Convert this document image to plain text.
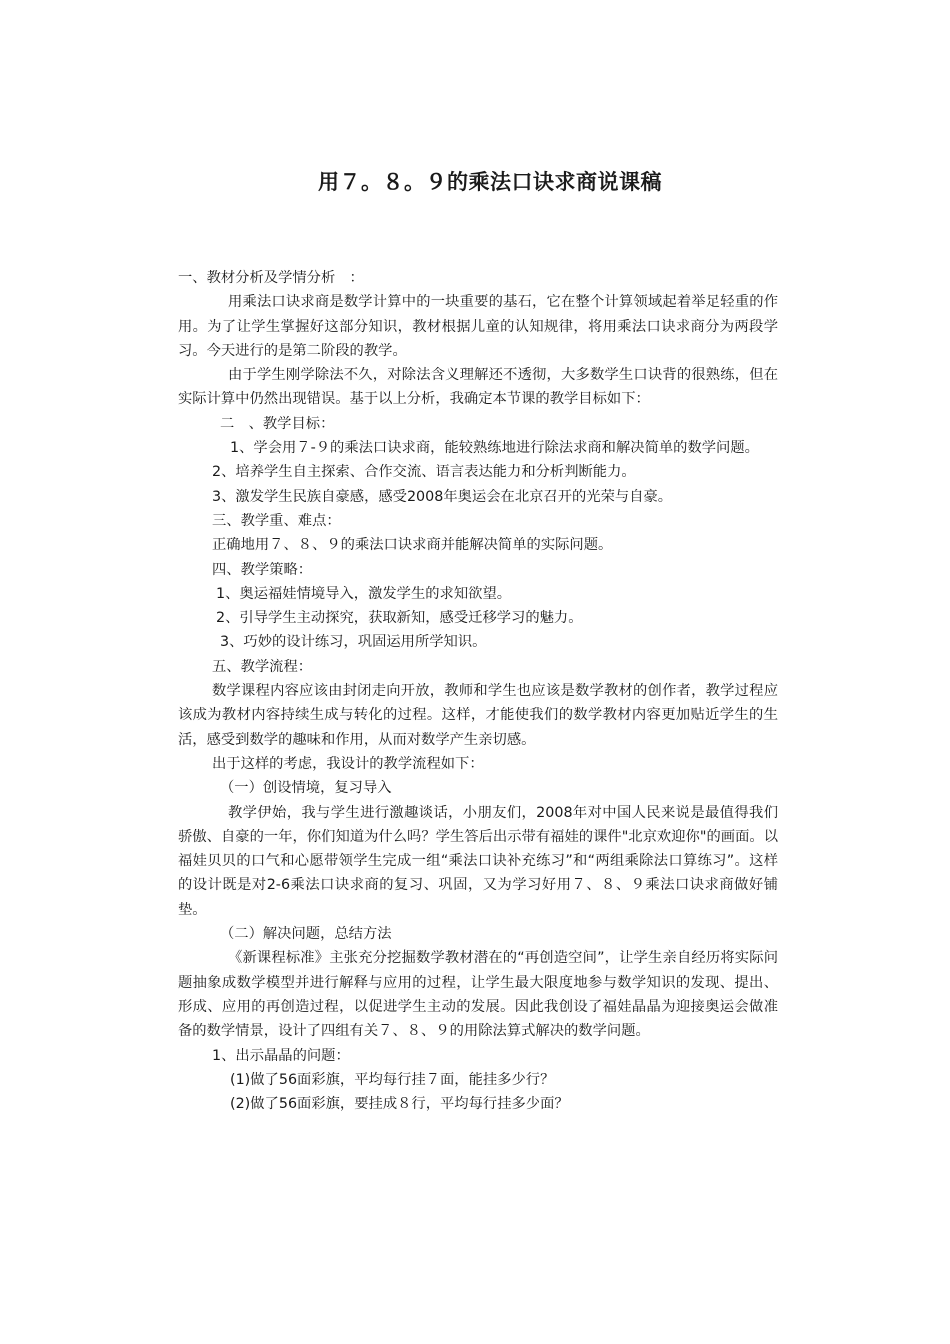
用７。８。９的乘法口诀求商说课稿

一、教材分析及学情分析　：

用乘法口诀求商是数学计算中的一块重要的基石，它在整个计算领域起着举足轻重的作用。为了让学生掌握好这部分知识，教材根据儿童的认知规律，将用乘法口诀求商分为两段学习。今天进行的是第二阶段的教学。

由于学生刚学除法不久，对除法含义理解还不透彻，大多数学生口诀背的很熟练，但在实际计算中仍然出现错误。基于以上分析，我确定本节课的教学目标如下：

二　、教学目标：

1、学会用７-９的乘法口诀求商，能较熟练地进行除法求商和解决简单的数学问题。

2、培养学生自主探索、合作交流、语言表达能力和分析判断能力。

3、激发学生民族自豪感，感受2008年奥运会在北京召开的光荣与自豪。

三、教学重、难点：

正确地用７、８、９的乘法口诀求商并能解决简单的实际问题。

四、教学策略：

1、奥运福娃情境导入，激发学生的求知欲望。

2、引导学生主动探究，获取新知，感受迁移学习的魅力。

3、巧妙的设计练习，巩固运用所学知识。

五、教学流程：

数学课程内容应该由封闭走向开放，教师和学生也应该是数学教材的创作者，教学过程应该成为教材内容持续生成与转化的过程。这样，才能使我们的数学教材内容更加贴近学生的生活，感受到数学的趣味和作用，从而对数学产生亲切感。

出于这样的考虑，我设计的教学流程如下：

（一）创设情境，复习导入

教学伊始，我与学生进行激趣谈话，小朋友们，2008年对中国人民来说是最值得我们骄傲、自豪的一年，你们知道为什么吗？学生答后出示带有福娃的课件"北京欢迎你"的画面。以福娃贝贝的口气和心愿带领学生完成一组“乘法口诀补充练习”和“两组乘除法口算练习”。这样的设计既是对2-6乘法口诀求商的复习、巩固，又为学习好用７、８、９乘法口诀求商做好铺垫。

（二）解决问题，总结方法

《新课程标准》主张充分挖掘数学教材潜在的“再创造空间”，让学生亲自经历将实际问题抽象成数学模型并进行解释与应用的过程，让学生最大限度地参与数学知识的发现、提出、形成、应用的再创造过程，以促进学生主动的发展。因此我创设了福娃晶晶为迎接奥运会做准备的数学情景，设计了四组有关７、８、９的用除法算式解决的数学问题。

1、出示晶晶的问题：

(1)做了56面彩旗，平均每行挂７面，能挂多少行？

(2)做了56面彩旗，要挂成８行，平均每行挂多少面？
